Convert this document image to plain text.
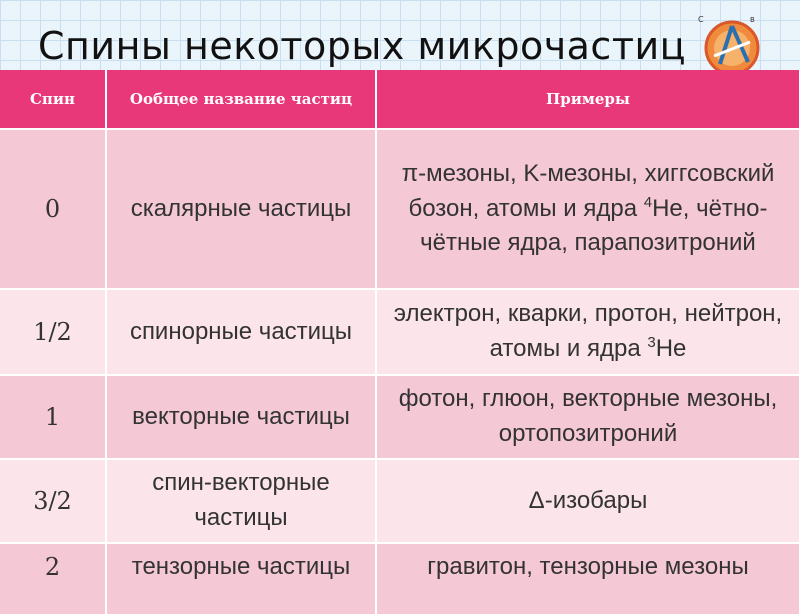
Спины некоторых микрочастиц
C	B
Спин	Ообщее название частиц	Примеры
0	скалярные частицы	π-мезоны, K-мезоны, хиггсовский бозон, атомы и ядра $^4$He, чётно-чётные ядра, парапозитроний
1/2	спинорные частицы	электрон, кварки, протон, нейтрон, атомы и ядра $^3$He
1	векторные частицы	фотон, глюон, векторные мезоны, ортопозитроний
3/2	спин-векторные частицы	Δ-изобары
2	тензорные частицы	гравитон, тензорные мезоны
